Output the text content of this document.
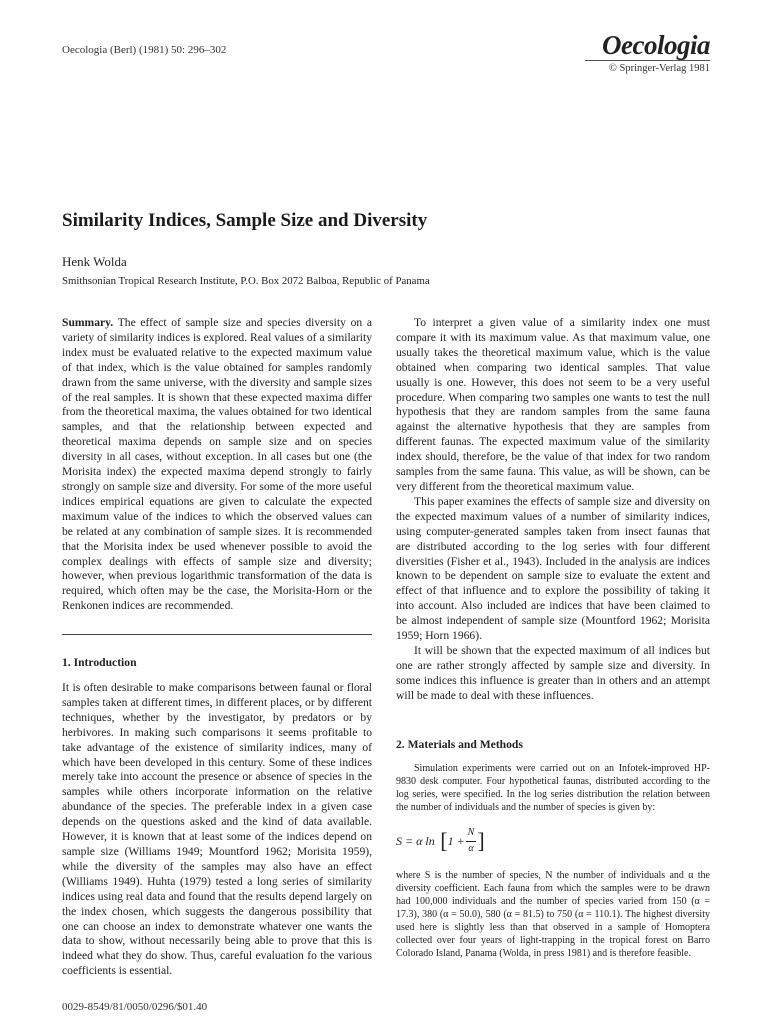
Oecologia (Berl) (1981) 50: 296–302	Oecologia
© Springer-Verlag 1981
Similarity Indices, Sample Size and Diversity
Henk Wolda
Smithsonian Tropical Research Institute, P.O. Box 2072 Balboa, Republic of Panama

Summary. The effect of sample size and species diversity on a variety of similarity indices is explored. Real values of a similarity index must be evaluated relative to the expected maximum value of that index, which is the value obtained for samples randomly drawn from the same universe, with the diversity and sample sizes of the real samples. It is shown that these expected maxima differ from the theoretical maxima, the values obtained for two identical samples, and that the relationship between expected and theoretical maxima depends on sample size and on species diversity in all cases, without exception. In all cases but one (the Morisita index) the expected maxima depend strongly to fairly strongly on sample size and diversity. For some of the more useful indices empirical equations are given to calculate the expected maximum value of the indices to which the observed values can be related at any combination of sample sizes. It is recommended that the Morisita index be used whenever possible to avoid the complex dealings with effects of sample size and diversity; however, when previous logarithmic transformation of the data is required, which often may be the case, the Morisita-Horn or the Renkonen indices are recommended.

1. Introduction

It is often desirable to make comparisons between faunal or floral samples taken at different times, in different places, or by different techniques, whether by the investigator, by predators or by herbivores. In making such comparisons it seems profitable to take advantage of the existence of similarity indices, many of which have been developed in this century. Some of these indices merely take into account the presence or absence of species in the samples while others incorporate information on the relative abundance of the species. The preferable index in a given case depends on the questions asked and the kind of data available. However, it is known that at least some of the indices depend on sample size (Williams 1949; Mountford 1962; Morisita 1959), while the diversity of the samples may also have an effect (Williams 1949). Huhta (1979) tested a long series of similarity indices using real data and found that the results depend largely on the index chosen, which suggests the dangerous possibility that one can choose an index to demonstrate whatever one wants the data to show, without necessarily being able to prove that this is indeed what they do show. Thus, careful evaluation fo the various coefficients is essential.

To interpret a given value of a similarity index one must compare it with its maximum value. As that maximum value, one usually takes the theoretical maximum value, which is the value obtained when comparing two identical samples. That value usually is one. However, this does not seem to be a very useful procedure. When comparing two samples one wants to test the null hypothesis that they are random samples from the same fauna against the alternative hypothesis that they are samples from different faunas. The expected maximum value of the similarity index should, therefore, be the value of that index for two random samples from the same fauna. This value, as will be shown, can be very different from the theoretical maximum value.

This paper examines the effects of sample size and diversity on the expected maximum values of a number of similarity indices, using computer-generated samples taken from insect faunas that are distributed according to the log series with four different diversities (Fisher et al., 1943). Included in the analysis are indices known to be dependent on sample size to evaluate the extent and effect of that influence and to explore the possibility of taking it into account. Also included are indices that have been claimed to be almost independent of sample size (Mountford 1962; Morisita 1959; Horn 1966).

It will be shown that the expected maximum of all indices but one are rather strongly affected by sample size and diversity. In some indices this influence is greater than in others and an attempt will be made to deal with these influences.

2. Materials and Methods

Simulation experiments were carried out on an Infotek-improved HP-9830 desk computer. Four hypothetical faunas, distributed according to the log series, were specified. In the log series distribution the relation between the number of individuals and the number of species is given by:

S = α ln [ $1 + \frac{N}{\alpha}$ ]

where S is the number of species, N the number of individuals and α the diversity coefficient. Each fauna from which the samples were to be drawn had 100,000 individuals and the number of species varied from 150 (α = 17.3), 380 (α = 50.0), 580 (α = 81.5) to 750 (α = 110.1). The highest diversity used here is slightly less than that observed in a sample of Homoptera collected over four years of light-trapping in the tropical forest on Barro Colorado Island, Panama (Wolda, in press 1981) and is therefore feasible.

0029-8549/81/0050/0296/$01.40
